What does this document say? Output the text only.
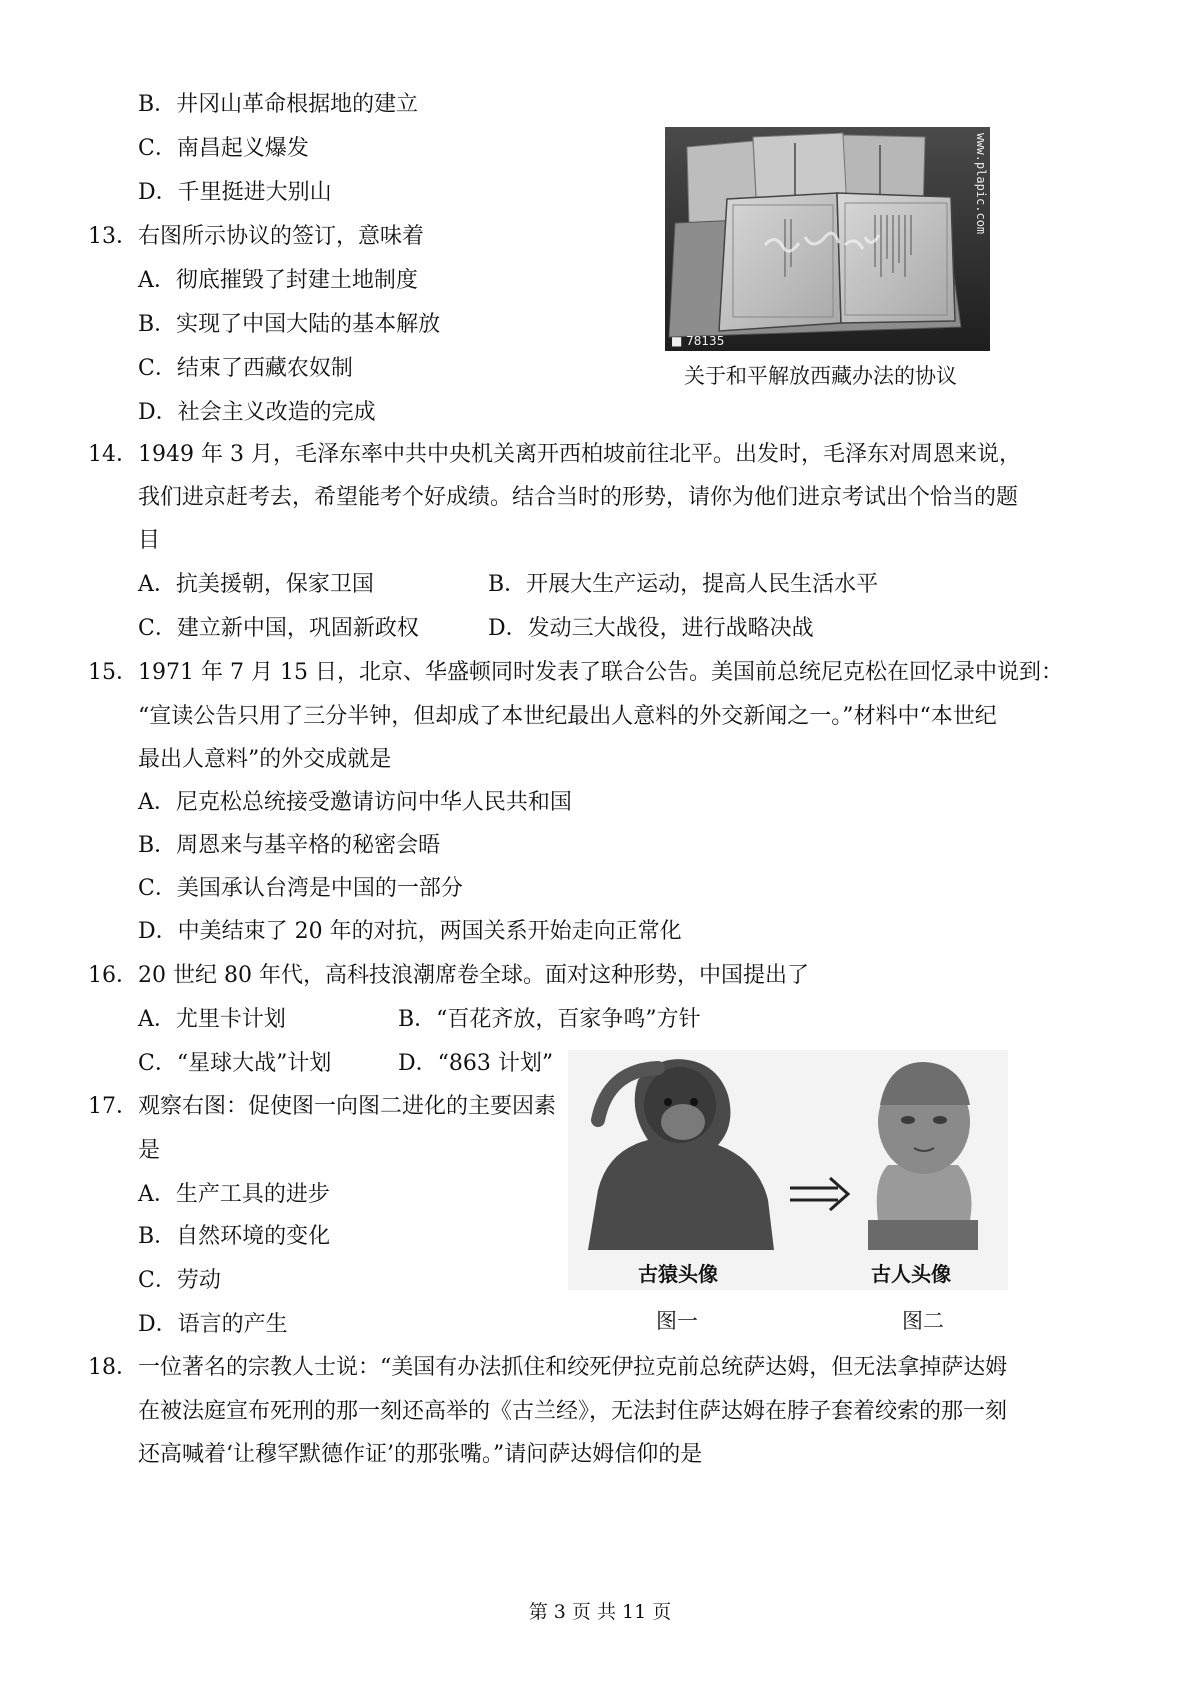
B．井冈山革命根据地的建立
C．南昌起义爆发
D．千里挺进大别山
13．右图所示协议的签订，意味着
A．彻底摧毁了封建土地制度
B．实现了中国大陆的基本解放
C．结束了西藏农奴制
D．社会主义改造的完成
www.plapic.com
■ 78135
关于和平解放西藏办法的协议
14．1949 年 3 月，毛泽东率中共中央机关离开西柏坡前往北平。出发时，毛泽东对周恩来说，
我们进京赶考去，希望能考个好成绩。结合当时的形势，请你为他们进京考试出个恰当的题
目
A．抗美援朝，保家卫国	B．开展大生产运动，提高人民生活水平
C．建立新中国，巩固新政权	D．发动三大战役，进行战略决战
15．1971 年 7 月 15 日，北京、华盛顿同时发表了联合公告。美国前总统尼克松在回忆录中说到：
“宣读公告只用了三分半钟，但却成了本世纪最出人意料的外交新闻之一。”材料中“本世纪
最出人意料”的外交成就是
A．尼克松总统接受邀请访问中华人民共和国
B．周恩来与基辛格的秘密会晤
C．美国承认台湾是中国的一部分
D．中美结束了 20 年的对抗，两国关系开始走向正常化
16．20 世纪 80 年代，高科技浪潮席卷全球。面对这种形势，中国提出了
A．尤里卡计划	B．“百花齐放，百家争鸣”方针
C．“星球大战”计划	D．“863 计划”
17．观察右图：促使图一向图二进化的主要因素
是
A．生产工具的进步
B．自然环境的变化
C．劳动
D．语言的产生
古猿头像	古人头像
图一	图二
18．一位著名的宗教人士说：“美国有办法抓住和绞死伊拉克前总统萨达姆，但无法拿掉萨达姆
在被法庭宣布死刑的那一刻还高举的《古兰经》，无法封住萨达姆在脖子套着绞索的那一刻
还高喊着‘让穆罕默德作证’的那张嘴。”请问萨达姆信仰的是
第 3 页 共 11 页
